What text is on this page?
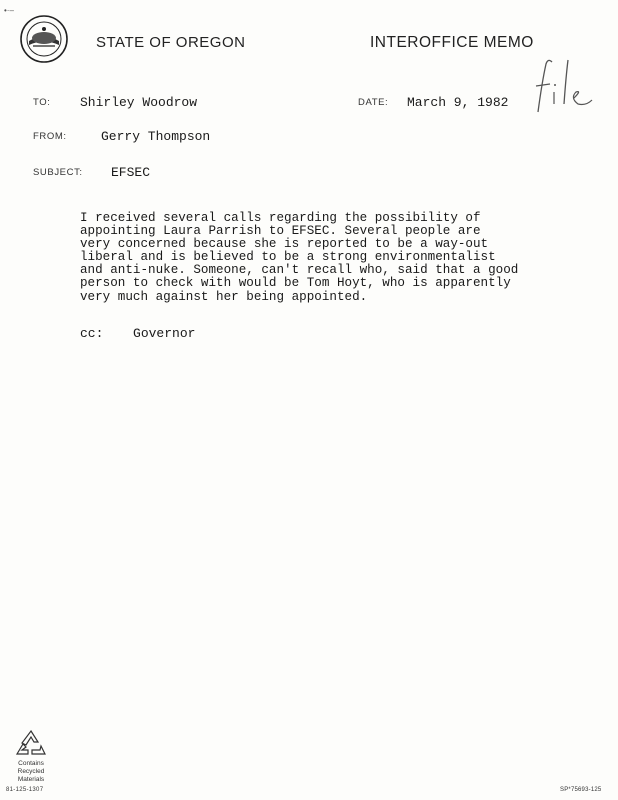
•·–
STATE OF OREGON	INTEROFFICE MEMO
TO: Shirley Woodrow	DATE: March 9, 1982
FROM:	Gerry Thompson
SUBJECT: EFSEC

I received several calls regarding the possibility of

appointing Laura Parrish to EFSEC. Several people are

very concerned because she is reported to be a way-out

liberal and is believed to be a strong environmentalist

and anti-nuke. Someone, can't recall who, said that a good

person to check with would be Tom Hoyt, who is apparently

very much against her being appointed.

cc: Governor
Contains
Recycled
Materials
81-125-1307	SP*75693-125
